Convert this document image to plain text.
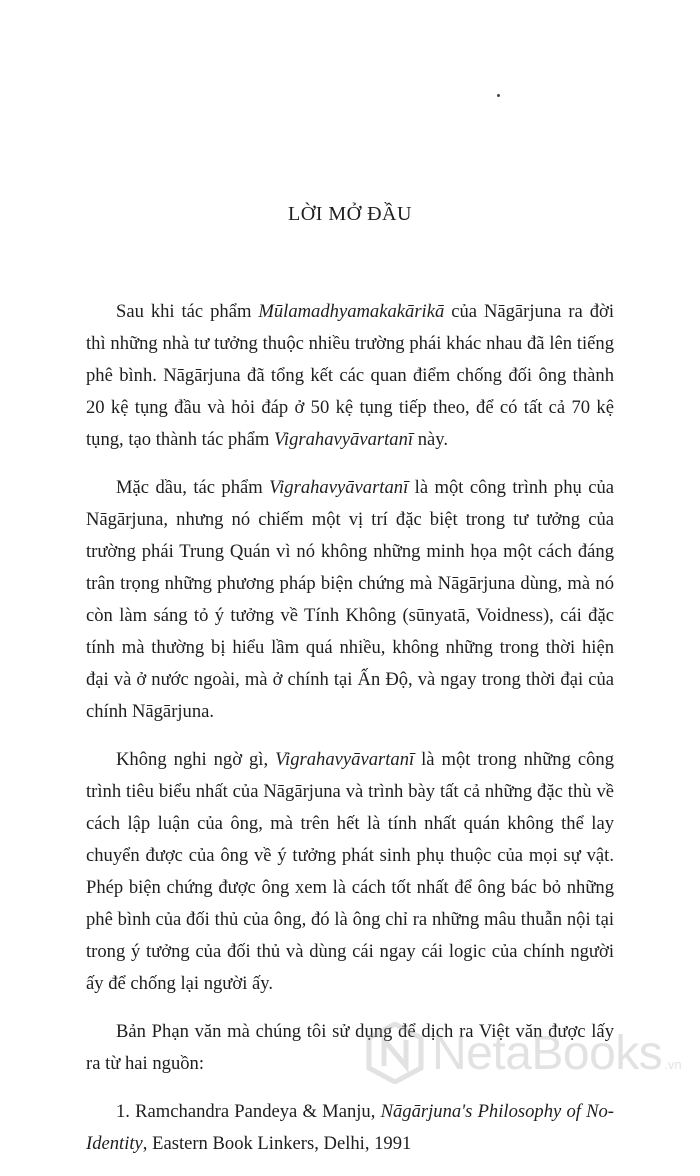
LỜI MỞ ĐẦU

Sau khi tác phẩm Mūlamadhyamakakārikā của Nāgārjuna ra đời thì những nhà tư tưởng thuộc nhiều trường phái khác nhau đã lên tiếng phê bình. Nāgārjuna đã tổng kết các quan điểm chống đối ông thành 20 kệ tụng đầu và hỏi đáp ở 50 kệ tụng tiếp theo, để có tất cả 70 kệ tụng, tạo thành tác phẩm Vigrahavyāvartanī này.

Mặc dầu, tác phẩm Vigrahavyāvartanī là một công trình phụ của Nāgārjuna, nhưng nó chiếm một vị trí đặc biệt trong tư tưởng của trường phái Trung Quán vì nó không những minh họa một cách đáng trân trọng những phương pháp biện chứng mà Nāgārjuna dùng, mà nó còn làm sáng tỏ ý tưởng về Tính Không (sūnyatā, Voidness), cái đặc tính mà thường bị hiểu lầm quá nhiều, không những trong thời hiện đại và ở nước ngoài, mà ở chính tại Ấn Độ, và ngay trong thời đại của chính Nāgārjuna.

Không nghi ngờ gì, Vigrahavyāvartanī là một trong những công trình tiêu biểu nhất của Nāgārjuna và trình bày tất cả những đặc thù về cách lập luận của ông, mà trên hết là tính nhất quán không thể lay chuyển được của ông về ý tưởng phát sinh phụ thuộc của mọi sự vật. Phép biện chứng được ông xem là cách tốt nhất để ông bác bỏ những phê bình của đối thủ của ông, đó là ông chỉ ra những mâu thuẫn nội tại trong ý tưởng của đối thủ và dùng cái ngay cái logic của chính người ấy để chống lại người ấy.

Bản Phạn văn mà chúng tôi sử dụng để dịch ra Việt văn được lấy ra từ hai nguồn:

1. Ramchandra Pandeya & Manju, Nāgārjuna's Philosophy of No-Identity, Eastern Book Linkers, Delhi, 1991

NetaBooks .vn
